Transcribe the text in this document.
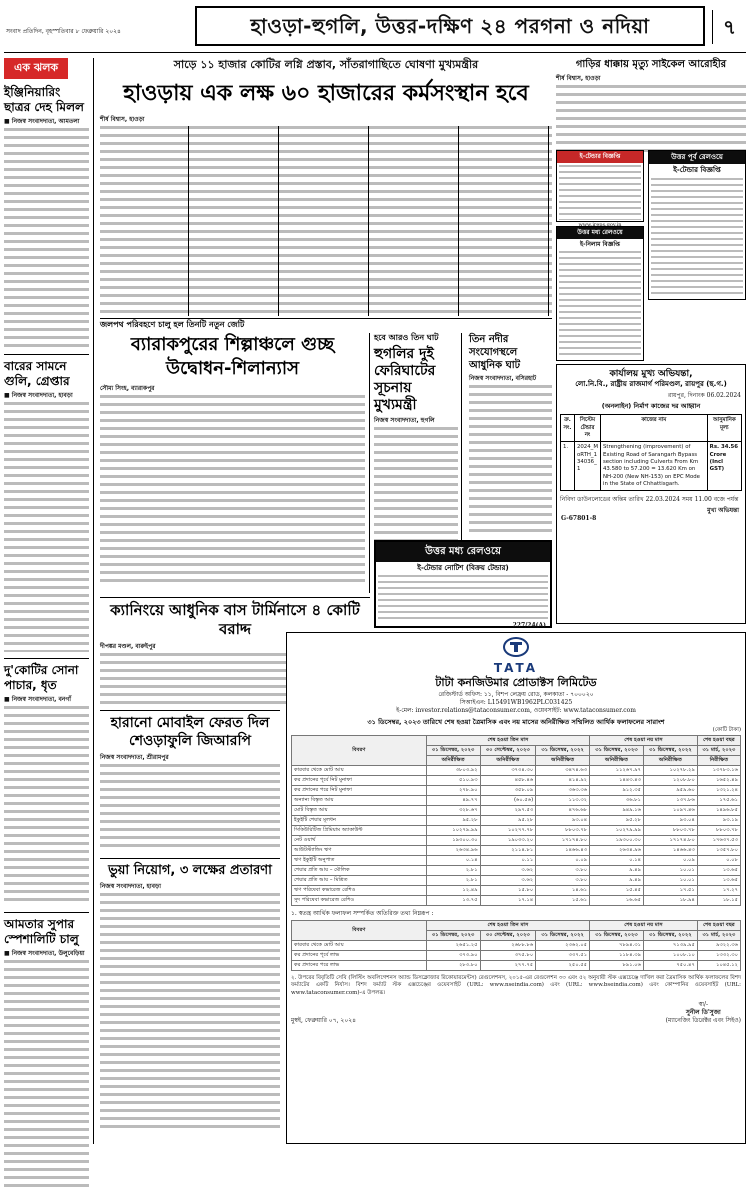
সংবাদ প্রতিদিন, বৃহস্পতিবার ৮ ফেব্রুয়ারি ২০২৪	হাওড়া-হুগলি, উত্তর-দক্ষিণ ২৪ পরগনা ও নদিয়া	৭
এক ঝলক
ইঞ্জিনিয়ারিং ছাত্রর দেহ মিলল
■ নিজস্ব সংবাদদাতা, আমতলা
বারের সামনে গুলি, গ্রেপ্তার
■ নিজস্ব সংবাদদাতা, হাবড়া
দু'কোটির সোনা পাচার, ধৃত
■ নিজস্ব সংবাদদাতা, বনগাঁ
আমতার সুপার স্পেশালিটি চালু
■ নিজস্ব সংবাদদাতা, উলুবেড়িয়া
সাড়ে ১১ হাজার কোটির লগ্নি প্রস্তাব, সাঁতরাগাছিতে ঘোষণা মুখ্যমন্ত্রীর
হাওড়ায় এক লক্ষ ৬০ হাজারের কর্মসংস্থান হবে
শীর্ষ বিশ্বাস, হাওড়া
জলপথ পরিবহণে চালু হল তিনটি নতুন জেটি
ব্যারাকপুরের শিল্পাঞ্চলে গুচ্ছ উদ্বোধন-শিলান্যাস
সৌম্য সিংহ, ব্যারাকপুর
হবে আরও তিন ঘাট
হুগলির দুই ফেরিঘাটের সূচনায় মুখ্যমন্ত্রী
নিজস্ব সংবাদদাতা, হুগলি
গাড়ির ধাক্কায় মৃত্যু সাইকেল আরোহীর
শীর্ষ বিশ্বাস, হাওড়া
ই-টেন্ডার বিজ্ঞপ্তি	উত্তর পূর্ব রেলওয়ে
ই-টেন্ডার বিজ্ঞপ্তি
উত্তর মধ্য রেলওয়ে
ই-নিলাম বিজ্ঞপ্তি
কার্যালয় মুখ্য অভিযন্তা,
লো.নি.বি., রাষ্ট্রীয় রাজমার্গ পরিমণ্ডল, রায়পুর (ছ.গ.)
রায়পুর, দিনাংক 06.02.2024
(অনলাইন) নির্মাণ কাজের দর আহ্বান
ক্র. সং.	সিস্টেম টেন্ডার নং	কাজের নাম	আনুমানিক মূল্য
1.	2024_MoRTH_134036_1	Strengthening (improvement) of Existing Road of Sarangarh Bypass section including Culverts From Km 43.580 to 57.200 = 13.620 Km on NH-200 (New NH-153) on EPC Mode in the State of Chhattisgarh.	Rs. 34.56 Crore (Incl GST)
নিবিদা ডাউনলোডের অন্তিম তারিখ 22.03.2024 সময় 11.00 বজে পর্যন্ত
মুখ্য অভিযন্তা
G-67801-8
উত্তর মধ্য রেলওয়ে
ই-টেন্ডার নোটিশ (বিক্রয় টেন্ডার)
227/24(A)
ক্যানিংয়ে আধুনিক বাস টার্মিনাসে ৪ কোটি বরাদ্দ
দীপঙ্কর মণ্ডল, বারুইপুর
হারানো মোবাইল ফেরত দিল শেওড়াফুলি জিআরপি
নিজস্ব সংবাদদাতা, শ্রীরামপুর
ভুয়া নিয়োগ, ৩ লক্ষের প্রতারণা
নিজস্ব সংবাদদাতা, হাবড়া
TATA
টাটা কনজিউমার প্রোডাক্টস লিমিটেড
রেজিস্টার্ড অফিস: ১১, বিশপ লেফ্রয় রোড, কলকাতা - ৭০০০২০
সিআইএন: L15491WB1962PLC031425
ই-মেল: investor.relations@tataconsumer.com, ওয়েবসাইট: www.tataconsumer.com
৩১ ডিসেম্বর, ২০২৩ তারিখে শেষ হওয়া ত্রৈমাসিক এবং নয় মাসের অনিরীক্ষিত সম্মিলিত আর্থিক ফলাফলের সারাংশ
(কোটি টাকা)
বিবরণ	শেষ হওয়া তিন মাস			শেষ হওয়া নয় মাস		শেষ হওয়া বছর
	৩১ ডিসেম্বর, ২০২৩	৩০ সেপ্টেম্বর, ২০২৩	৩১ ডিসেম্বর, ২০২২	৩১ ডিসেম্বর, ২০২৩	৩১ ডিসেম্বর, ২০২২	৩১ মার্চ, ২০২৩
	অনিরীক্ষিত	অনিরীক্ষিত	অনিরীক্ষিত	অনিরীক্ষিত	অনিরীক্ষিত	নিরীক্ষিত
কারবার থেকে মোট আয়	৩৮০৩.৯২	৩৭৩৪.৩০	৩৪৭৪.৬৩	১১২৬৭.৯৭	১০২৭৮.২৯	১৩৭৮৩.১৬
কর প্রদানের পূর্বে নিট মুনাফা	৫১০.৯৩	৪৫৮.৪৬	৪১৪.৯২	১৪৪৩.৪৩	১২০৮.৮০	১৬৫২.৪৯
কর প্রদানের পরে নিট মুনাফা	২৭৮.৯০	৩৫৮.০৯	৩৬৩.৩৬	৯১২.৩৫	৯৫৯.৬০	১৩২১.২৪
অন্যান্য বিস্তৃত আয়	৪৯.৭৭	(৬০.৫৬)	১১৩.৩২	৩৬.৮১	১৩৭.৮৬	১৭৫.৬১
মোট বিস্তৃত আয়	৩২৮.৬৭	২৯৭.৫৩	৪৭৬.৬৮	৯৪৯.১৬	১০৯৭.৪৬	১৪৯৬.৮৫
ইকুইটি শেয়ার মূলধন	৯৫.২৮	৯৫.২৮	৯৩.০৪	৯৫.২৮	৯৩.০৪	৯৩.১৯
সিকিউরিটিজ প্রিমিয়াম অ্যাকাউন্ট	১০২৭৯.৯৯	১০২৭৭.৭৮	৮৮০৩.৭৮	১০২৭৯.৯৯	৮৮০৩.৭৮	৮৮০৩.৭৮
নেট ওয়ার্থ	১৯৩০০.৩০	১৯০৩৩.২০	১৭১৭৪.৮০	১৯৩০০.৩০	১৭১৭৪.৮০	১৭৬৩৭.৫৩
আউটস্ট্যান্ডিং ঋণ	২৬৩৪.৯৬	২১১৪.৮১	১৪৬৬.৪৩	২৬৩৪.৯৬	১৪৬৬.৪৩	১৩৫৭.৮০
ঋণ ইকুইটি অনুপাত	০.১৪	০.১১	০.০৯	০.১৪	০.০৯	০.০৮
শেয়ার প্রতি আয় – মৌলিক	২.৮১	৩.৬২	৩.৮০	৯.৪৯	১০.০১	১৩.৬৫
শেয়ার প্রতি আয় – মিশ্রিত	২.৮১	৩.৬২	৩.৮০	৯.৪৯	১০.০১	১৩.৬৫
ঋণ পরিষেবা কভারেজ রেশিও	১২.৪৯	১৫.৮০	১৪.৬১	১৫.৪৫	১৭.৫১	১৭.২৭
সুদ পরিষেবা কভারেজ রেশিও	১৩.৭৫	১৭.১৪	১৫.৬১	১৬.৬৫	১৮.৯৪	১৮.১৫
১. স্বতন্ত্র আর্থিক ফলাফল সম্পর্কিত অতিরিক্ত তথ্য নিম্নরূপ :
বিবরণ	শেষ হওয়া তিন মাস			শেষ হওয়া নয় মাস		শেষ হওয়া বছর
	৩১ ডিসেম্বর, ২০২৩	৩০ সেপ্টেম্বর, ২০২৩	৩১ ডিসেম্বর, ২০২২	৩১ ডিসেম্বর, ২০২৩	৩১ ডিসেম্বর, ২০২২	৩১ মার্চ, ২০২৩
কারবার থেকে মোট আয়	২৬৫১.২৫	২৬৮৮.৮৬	২৩৬২.০৫	৭৮৯৪.৩১	৭১৩৯.৯৫	৯৩২২.৩৬
কর প্রদানের পূর্বে লাভ	৩৭৩.৯০	৩৭৫.৮০	৩৩৭.৫১	১১৮৪.৩৯	১০০৮.১০	১৩৩২.৩০
কর প্রদানের পরে লাভ	২৮৩.৮০	২৭৭.৭৫	২৫০.৫৫	৮৯১.০৬	৭৫০.৪৭	১০৪৫.১২
২. উপরের বিবৃতিটি সেবি (লিস্টিং অবলিগেশনস অ্যান্ড ডিসক্লোজার রিকোয়ারমেন্টস) রেগুলেশনস, ২০১৫-এর রেগুলেশন ৩৩ এবং ৫২ অনুযায়ী স্টক এক্সচেঞ্জে দাখিল করা ত্রৈমাসিক আর্থিক ফলাফলের বিশদ ফর্ম্যাটের একটি নির্যাস। বিশদ ফর্ম্যাট স্টক এক্সচেঞ্জের ওয়েবসাইট (URL: www.nseindia.com) এবং (URL: www.bseindia.com) এবং কোম্পানির ওয়েবসাইট (URL: www.tataconsumer.com)-এ উপলব্ধ।
মুম্বই, ফেব্রুয়ারি ০৭, ২০২৪
স্বা/-
সুনীল ডি'সুজা
(ম্যানেজিং ডিরেক্টর এবং সিইও)
তিন নদীর সংযোগস্থলে আধুনিক ঘাট
নিজস্ব সংবাদদাতা, বসিরহাট
